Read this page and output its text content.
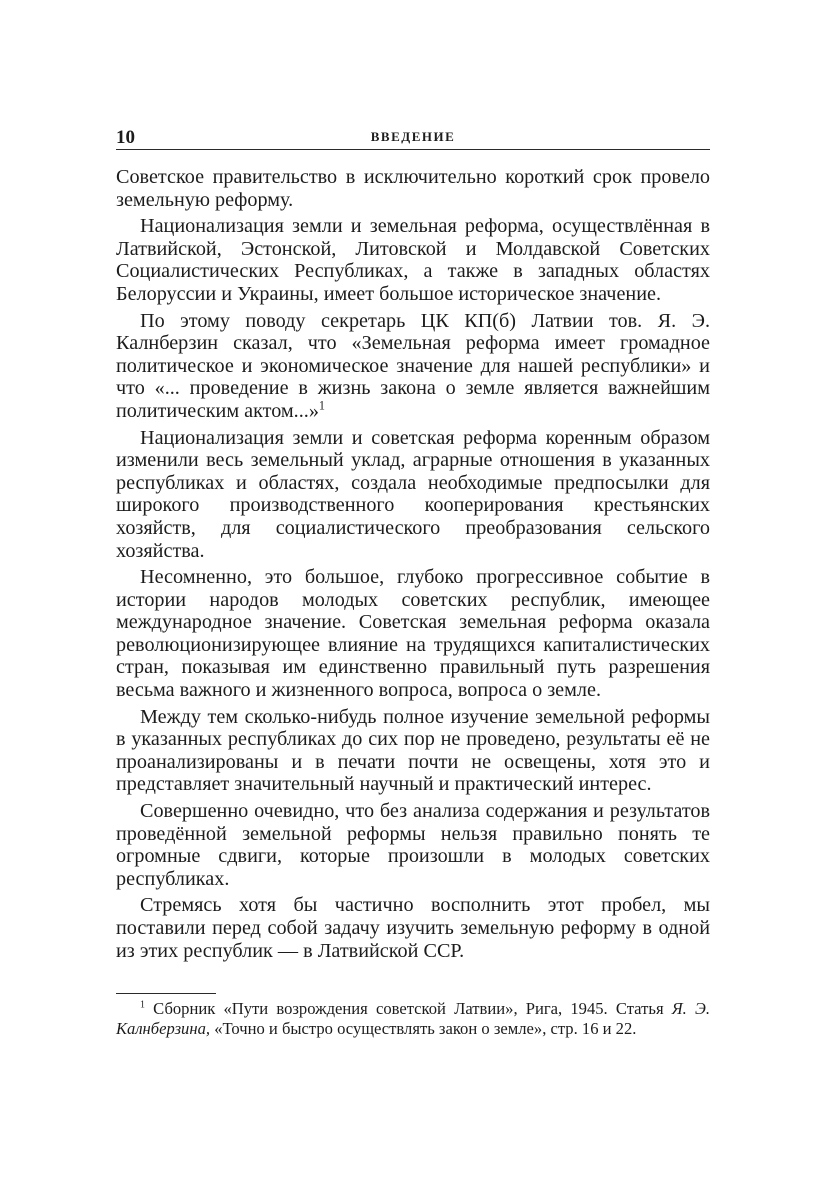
10	ВВЕДЕНИЕ

Советское правительство в исключительно короткий срок провело земельную реформу.

Национализация земли и земельная реформа, осуществлённая в Латвийской, Эстонской, Литовской и Молдавской Советских Социалистических Республиках, а также в западных областях Белоруссии и Украины, имеет большое историческое значение.

По этому поводу секретарь ЦК КП(б) Латвии тов. Я. Э. Калнберзин сказал, что «Земельная реформа имеет громадное политическое и экономическое значение для нашей республики» и что «... проведение в жизнь закона о земле является важнейшим политическим актом...»$^1$

Национализация земли и советская реформа коренным образом изменили весь земельный уклад, аграрные отношения в указанных республиках и областях, создала необходимые предпосылки для широкого производственного кооперирования крестьянских хозяйств, для социалистического преобразования сельского хозяйства.

Несомненно, это большое, глубоко прогрессивное событие в истории народов молодых советских республик, имеющее международное значение. Советская земельная реформа оказала революционизирующее влияние на трудящихся капиталистических стран, показывая им единственно правильный путь разрешения весьма важного и жизненного вопроса, вопроса о земле.

Между тем сколько-нибудь полное изучение земельной реформы в указанных республиках до сих пор не проведено, результаты её не проанализированы и в печати почти не освещены, хотя это и представляет значительный научный и практический интерес.

Совершенно очевидно, что без анализа содержания и результатов проведённой земельной реформы нельзя правильно понять те огромные сдвиги, которые произошли в молодых советских республиках.

Стремясь хотя бы частично восполнить этот пробел, мы поставили перед собой задачу изучить земельную реформу в одной из этих республик — в Латвийской ССР.

$^1$ Сборник «Пути возрождения советской Латвии», Рига, 1945. Статья Я. Э. Калнберзина, «Точно и быстро осуществлять закон о земле», стр. 16 и 22.
